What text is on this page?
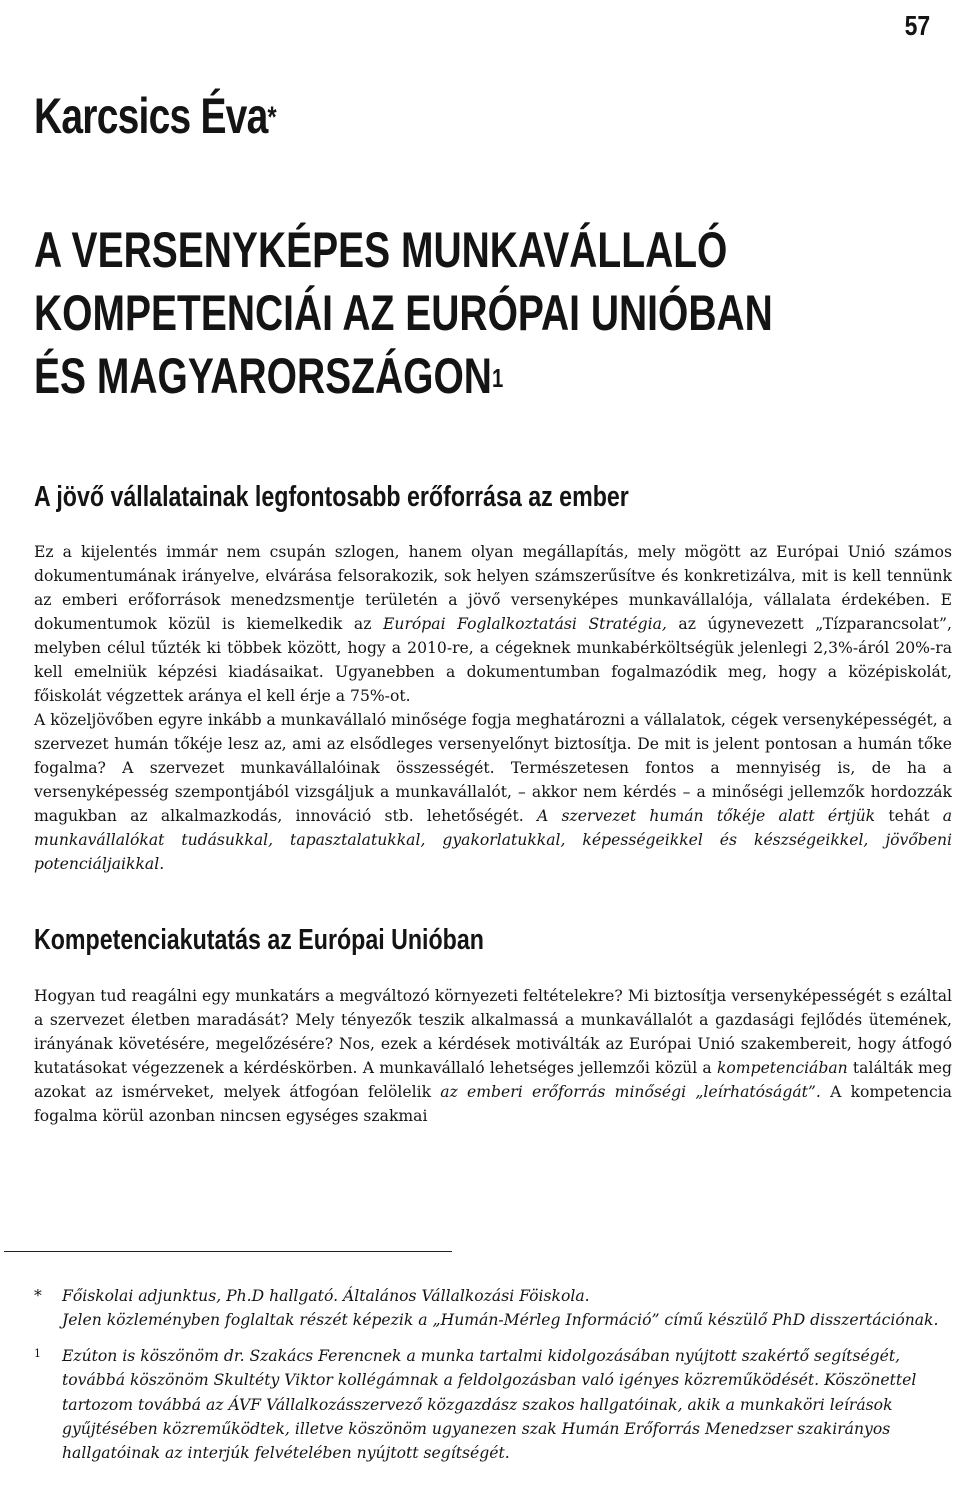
57
Karcsics Éva*
A VERSENYKÉPES MUNKAVÁLLALÓ
KOMPETENCIÁI AZ EURÓPAI UNIÓBAN
ÉS MAGYARORSZÁGON$^1$
A jövő vállalatainak legfontosabb erőforrása az ember

Ez a kijelentés immár nem csupán szlogen, hanem olyan megállapítás, mely mögött az Európai Unió számos dokumentumának irányelve, elvárása felsorakozik, sok helyen számszerűsítve és konkretizálva, mit is kell tennünk az emberi erőforrások menedzsmentje területén a jövő versenyképes munkavállalója, vállalata érdekében. E dokumentumok közül is kiemelkedik az Európai Foglalkoztatási Stratégia, az úgynevezett „Tízparancsolat”, melyben célul tűzték ki többek között, hogy a 2010-re, a cégeknek munkabérköltségük jelenlegi 2,3%-áról 20%-ra kell emelniük képzési kiadásaikat. Ugyanebben a dokumentumban fogalmazódik meg, hogy a középiskolát, főiskolát végzettek aránya el kell érje a 75%-ot.

A közeljövőben egyre inkább a munkavállaló minősége fogja meghatározni a vállalatok, cégek versenyképességét, a szervezet humán tőkéje lesz az, ami az elsődleges versenyelőnyt biztosítja. De mit is jelent pontosan a humán tőke fogalma? A szervezet munkavállalóinak összességét. Természetesen fontos a mennyiség is, de ha a versenyképesség szempontjából vizsgáljuk a munkavállalót, – akkor nem kérdés – a minőségi jellemzők hordozzák magukban az alkalmazkodás, innováció stb. lehetőségét. A szervezet humán tőkéje alatt értjük tehát a munkavállalókat tudásukkal, tapasztalatukkal, gyakorlatukkal, képességeikkel és készségeikkel, jövőbeni potenciáljaikkal.

Kompetenciakutatás az Európai Unióban

Hogyan tud reagálni egy munkatárs a megváltozó környezeti feltételekre? Mi biztosítja versenyképességét s ezáltal a szervezet életben maradását? Mely tényezők teszik alkalmassá a munkavállalót a gazdasági fejlődés ütemének, irányának követésére, megelőzésére? Nos, ezek a kérdések motiválták az Európai Unió szakembereit, hogy átfogó kutatásokat végezzenek a kérdéskörben. A munkavállaló lehetséges jellemzői közül a kompetenciában találták meg azokat az ismérveket, melyek átfogóan felölelik az emberi erőforrás minőségi „leírhatóságát”. A kompetencia fogalma körül azonban nincsen egységes szakmai

*	Főiskolai adjunktus, Ph.D hallgató. Általános Vállalkozási Föiskola.
Jelen közleményben foglaltak részét képezik a „Humán-Mérleg Információ” című készülő PhD disszertációnak.
1	Ezúton is köszönöm dr. Szakács Ferencnek a munka tartalmi kidolgozásában nyújtott szakértő segítségét, továbbá köszönöm Skultéty Viktor kollégámnak a feldolgozásban való igényes közreműködését. Köszönettel tartozom továbbá az ÁVF Vállalkozásszervező közgazdász szakos hallgatóinak, akik a munkaköri leírások gyűjtésében közreműködtek, illetve köszönöm ugyanezen szak Humán Erőforrás Menedzser szakirányos hallgatóinak az interjúk felvételében nyújtott segítségét.
